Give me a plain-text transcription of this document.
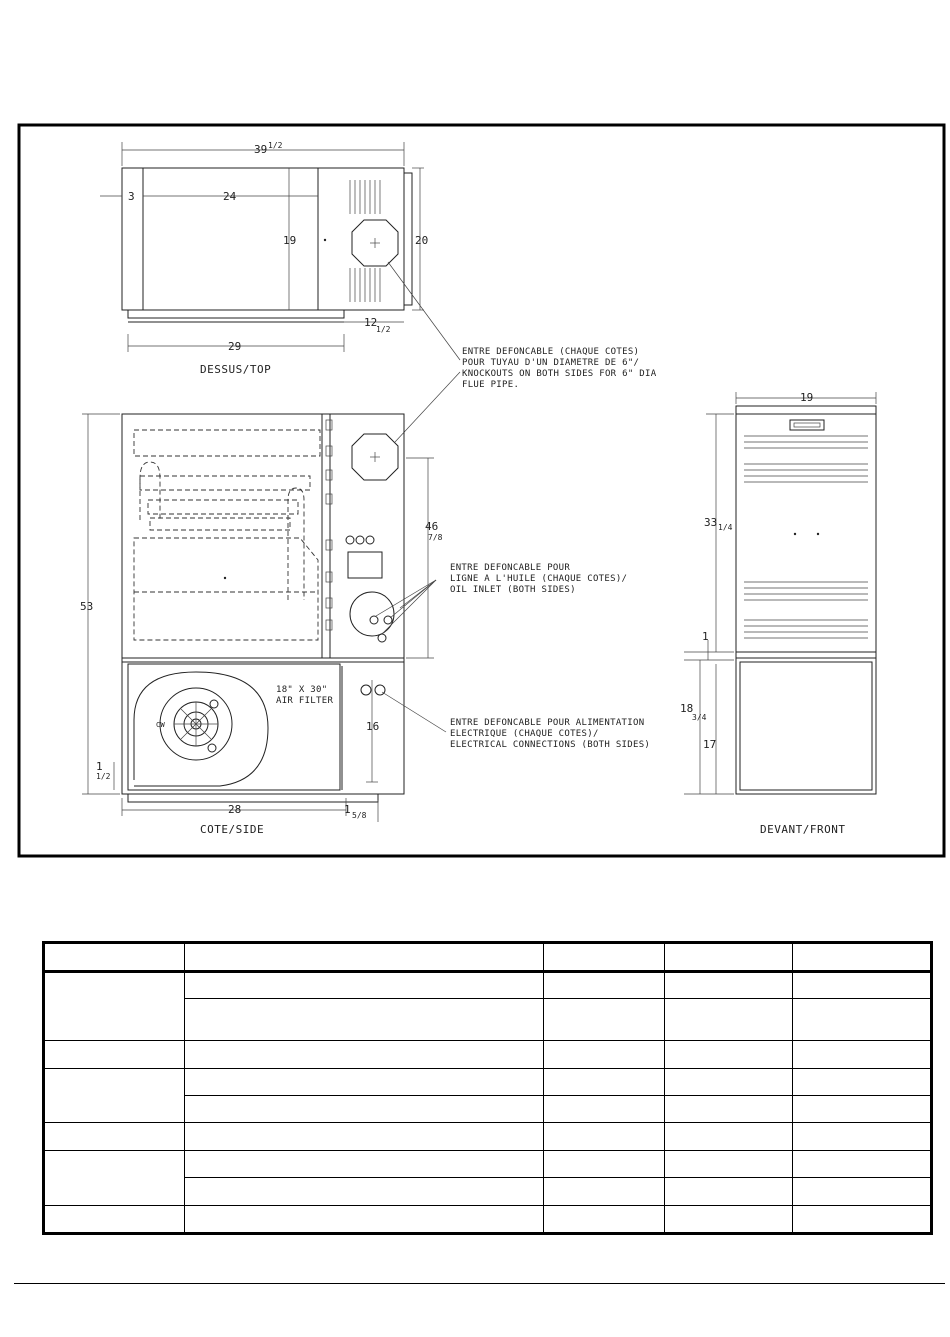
39 1/2
3	24
19	20
12
1/2
29
DESSUS/TOP
CW
53
46
7/8
16
1
1/2
28	1 5/8
18" X 30"
AIR FILTER
COTE/SIDE
ENTRE DEFONCABLE (CHAQUE COTES)
POUR TUYAU D'UN DIAMETRE DE 6"/
KNOCKOUTS ON BOTH SIDES FOR 6" DIA
FLUE PIPE.
ENTRE DEFONCABLE POUR
LIGNE A L'HUILE (CHAQUE COTES)/
OIL INLET (BOTH SIDES)
ENTRE DEFONCABLE POUR ALIMENTATION
ELECTRIQUE (CHAQUE COTES)/
ELECTRICAL CONNECTIONS (BOTH SIDES)
19
33 1/4
1
18
3/4
17
DEVANT/FRONT
